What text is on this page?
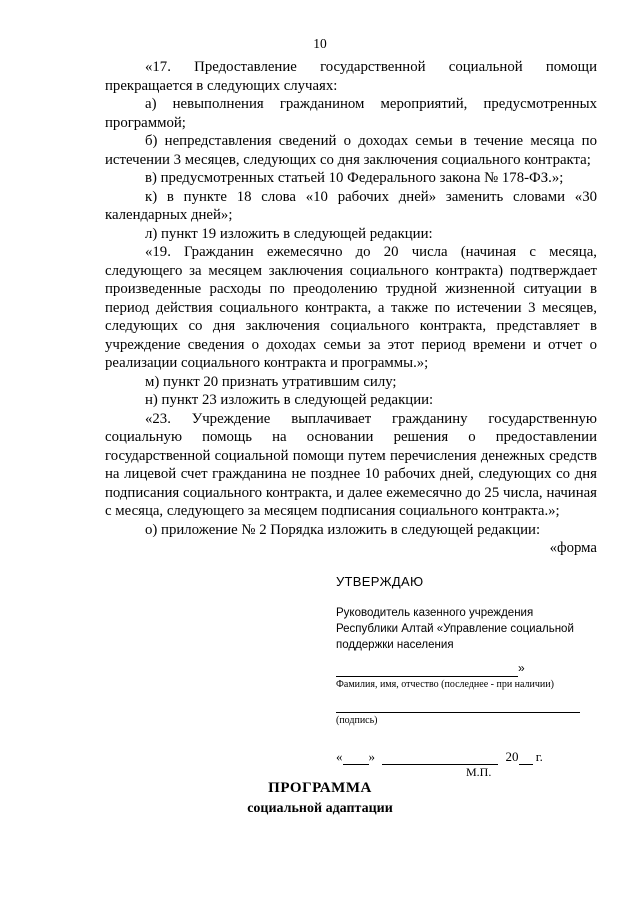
10

«17. Предоставление государственной социальной помощи прекращается в следующих случаях:

а) невыполнения гражданином мероприятий, предусмотренных программой;

б) непредставления сведений о доходах семьи в течение месяца по истечении 3 месяцев, следующих со дня заключения социального контракта;

в) предусмотренных статьей 10 Федерального закона № 178-ФЗ.»;

к) в пункте 18 слова «10 рабочих дней» заменить словами «30 календарных дней»;

л) пункт 19 изложить в следующей редакции:

«19. Гражданин ежемесячно до 20 числа (начиная с месяца, следующего за месяцем заключения социального контракта) подтверждает произведенные расходы по преодолению трудной жизненной ситуации в период действия социального контракта, а также по истечении 3 месяцев, следующих со дня заключения социального контракта, представляет в учреждение сведения о доходах семьи за этот период времени и отчет о реализации социального контракта и программы.»;

м) пункт 20 признать утратившим силу;

н) пункт 23 изложить в следующей редакции:

«23. Учреждение выплачивает гражданину государственную социальную помощь на основании решения о предоставлении государственной социальной помощи путем перечисления денежных средств на лицевой счет гражданина не позднее 10 рабочих дней, следующих со дня подписания социального контракта, и далее ежемесячно до 25 числа, начиная с месяца, следующего за месяцем подписания социального контракта.»;

о) приложение № 2 Порядка изложить в следующей редакции:

«форма

УТВЕРЖДАЮ
Руководитель казенного учреждения
Республики Алтай «Управление социальной
поддержки населения
»
Фамилия, имя, отчество (последнее - при наличии)
(подпись)
« »	20 г.
М.П.
ПРОГРАММА
социальной адаптации
